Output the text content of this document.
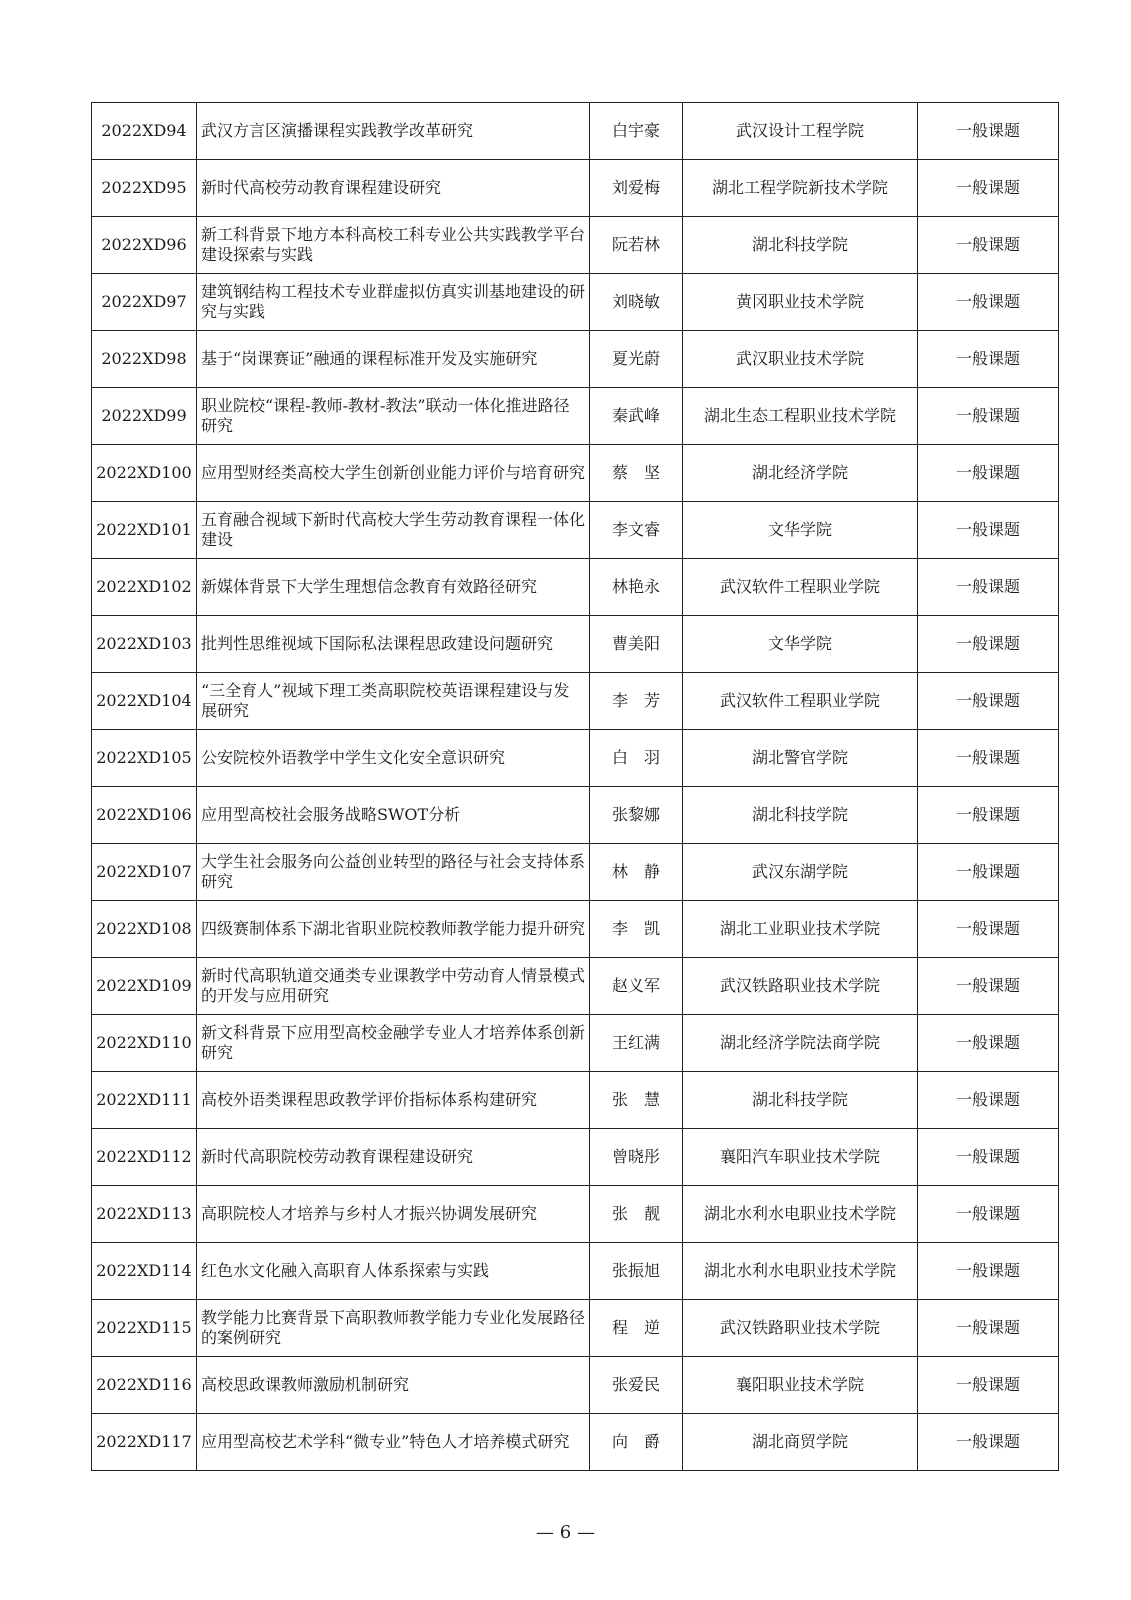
2022XD94	武汉方言区演播课程实践教学改革研究	白宇豪	武汉设计工程学院	一般课题
2022XD95	新时代高校劳动教育课程建设研究	刘爱梅	湖北工程学院新技术学院	一般课题
2022XD96	新工科背景下地方本科高校工科专业公共实践教学平台建设探索与实践	阮若林	湖北科技学院	一般课题
2022XD97	建筑钢结构工程技术专业群虚拟仿真实训基地建设的研究与实践	刘晓敏	黄冈职业技术学院	一般课题
2022XD98	基于“岗课赛证”融通的课程标准开发及实施研究	夏光蔚	武汉职业技术学院	一般课题
2022XD99	职业院校“课程-教师-教材-教法”联动一体化推进路径研究	秦武峰	湖北生态工程职业技术学院	一般课题
2022XD100	应用型财经类高校大学生创新创业能力评价与培育研究	蔡　坚	湖北经济学院	一般课题
2022XD101	五育融合视域下新时代高校大学生劳动教育课程一体化建设	李文睿	文华学院	一般课题
2022XD102	新媒体背景下大学生理想信念教育有效路径研究	林艳永	武汉软件工程职业学院	一般课题
2022XD103	批判性思维视域下国际私法课程思政建设问题研究	曹美阳	文华学院	一般课题
2022XD104	“三全育人”视域下理工类高职院校英语课程建设与发展研究	李　芳	武汉软件工程职业学院	一般课题
2022XD105	公安院校外语教学中学生文化安全意识研究	白　羽	湖北警官学院	一般课题
2022XD106	应用型高校社会服务战略SWOT分析	张黎娜	湖北科技学院	一般课题
2022XD107	大学生社会服务向公益创业转型的路径与社会支持体系研究	林　静	武汉东湖学院	一般课题
2022XD108	四级赛制体系下湖北省职业院校教师教学能力提升研究	李　凯	湖北工业职业技术学院	一般课题
2022XD109	新时代高职轨道交通类专业课教学中劳动育人情景模式的开发与应用研究	赵义军	武汉铁路职业技术学院	一般课题
2022XD110	新文科背景下应用型高校金融学专业人才培养体系创新研究	王红满	湖北经济学院法商学院	一般课题
2022XD111	高校外语类课程思政教学评价指标体系构建研究	张　慧	湖北科技学院	一般课题
2022XD112	新时代高职院校劳动教育课程建设研究	曾晓彤	襄阳汽车职业技术学院	一般课题
2022XD113	高职院校人才培养与乡村人才振兴协调发展研究	张　靓	湖北水利水电职业技术学院	一般课题
2022XD114	红色水文化融入高职育人体系探索与实践	张振旭	湖北水利水电职业技术学院	一般课题
2022XD115	教学能力比赛背景下高职教师教学能力专业化发展路径的案例研究	程　逆	武汉铁路职业技术学院	一般课题
2022XD116	高校思政课教师激励机制研究	张爱民	襄阳职业技术学院	一般课题
2022XD117	应用型高校艺术学科“微专业”特色人才培养模式研究	向　爵	湖北商贸学院	一般课题
— 6 —
